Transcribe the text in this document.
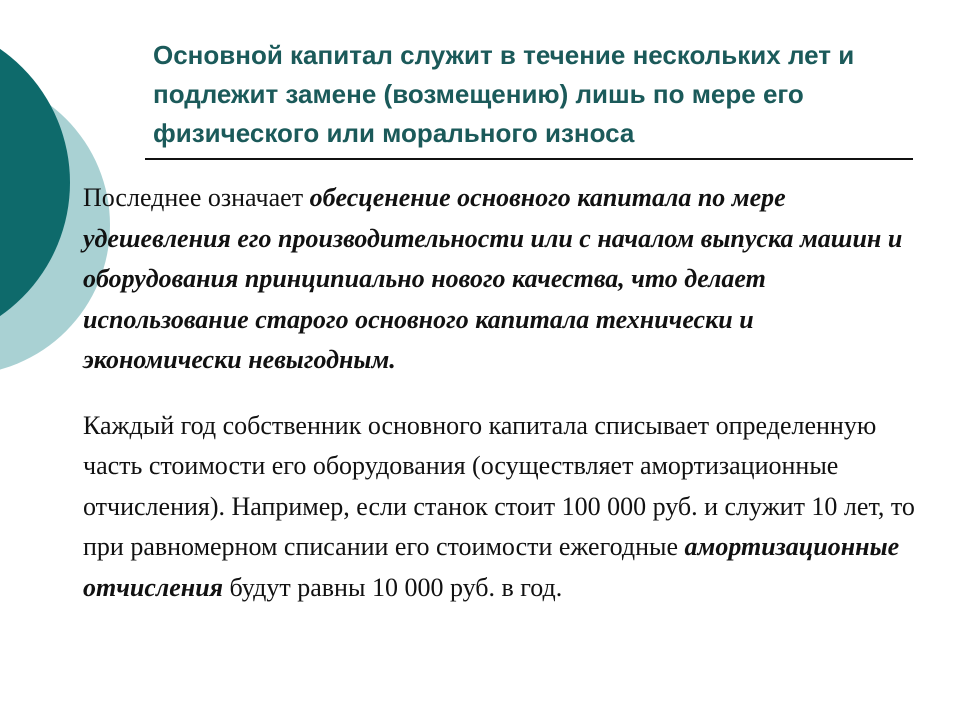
Основной капитал служит в течение нескольких лет и подлежит замене (возмещению) лишь по мере его физического или морального износа

Последнее означает обесценение основного капитала по мере удешевления его производительности или с началом выпуска машин и оборудования принципиально нового качества, что делает использование старого основного капитала технически и экономически невыгодным.

Каждый год собственник основного капитала списывает определенную часть стоимости его оборудования (осуществляет амортизационные отчисления). Например, если станок стоит 100 000 руб. и служит 10 лет, то при равномерном списании его стоимости ежегодные амортизационные отчисления будут равны 10 000 руб. в год.
